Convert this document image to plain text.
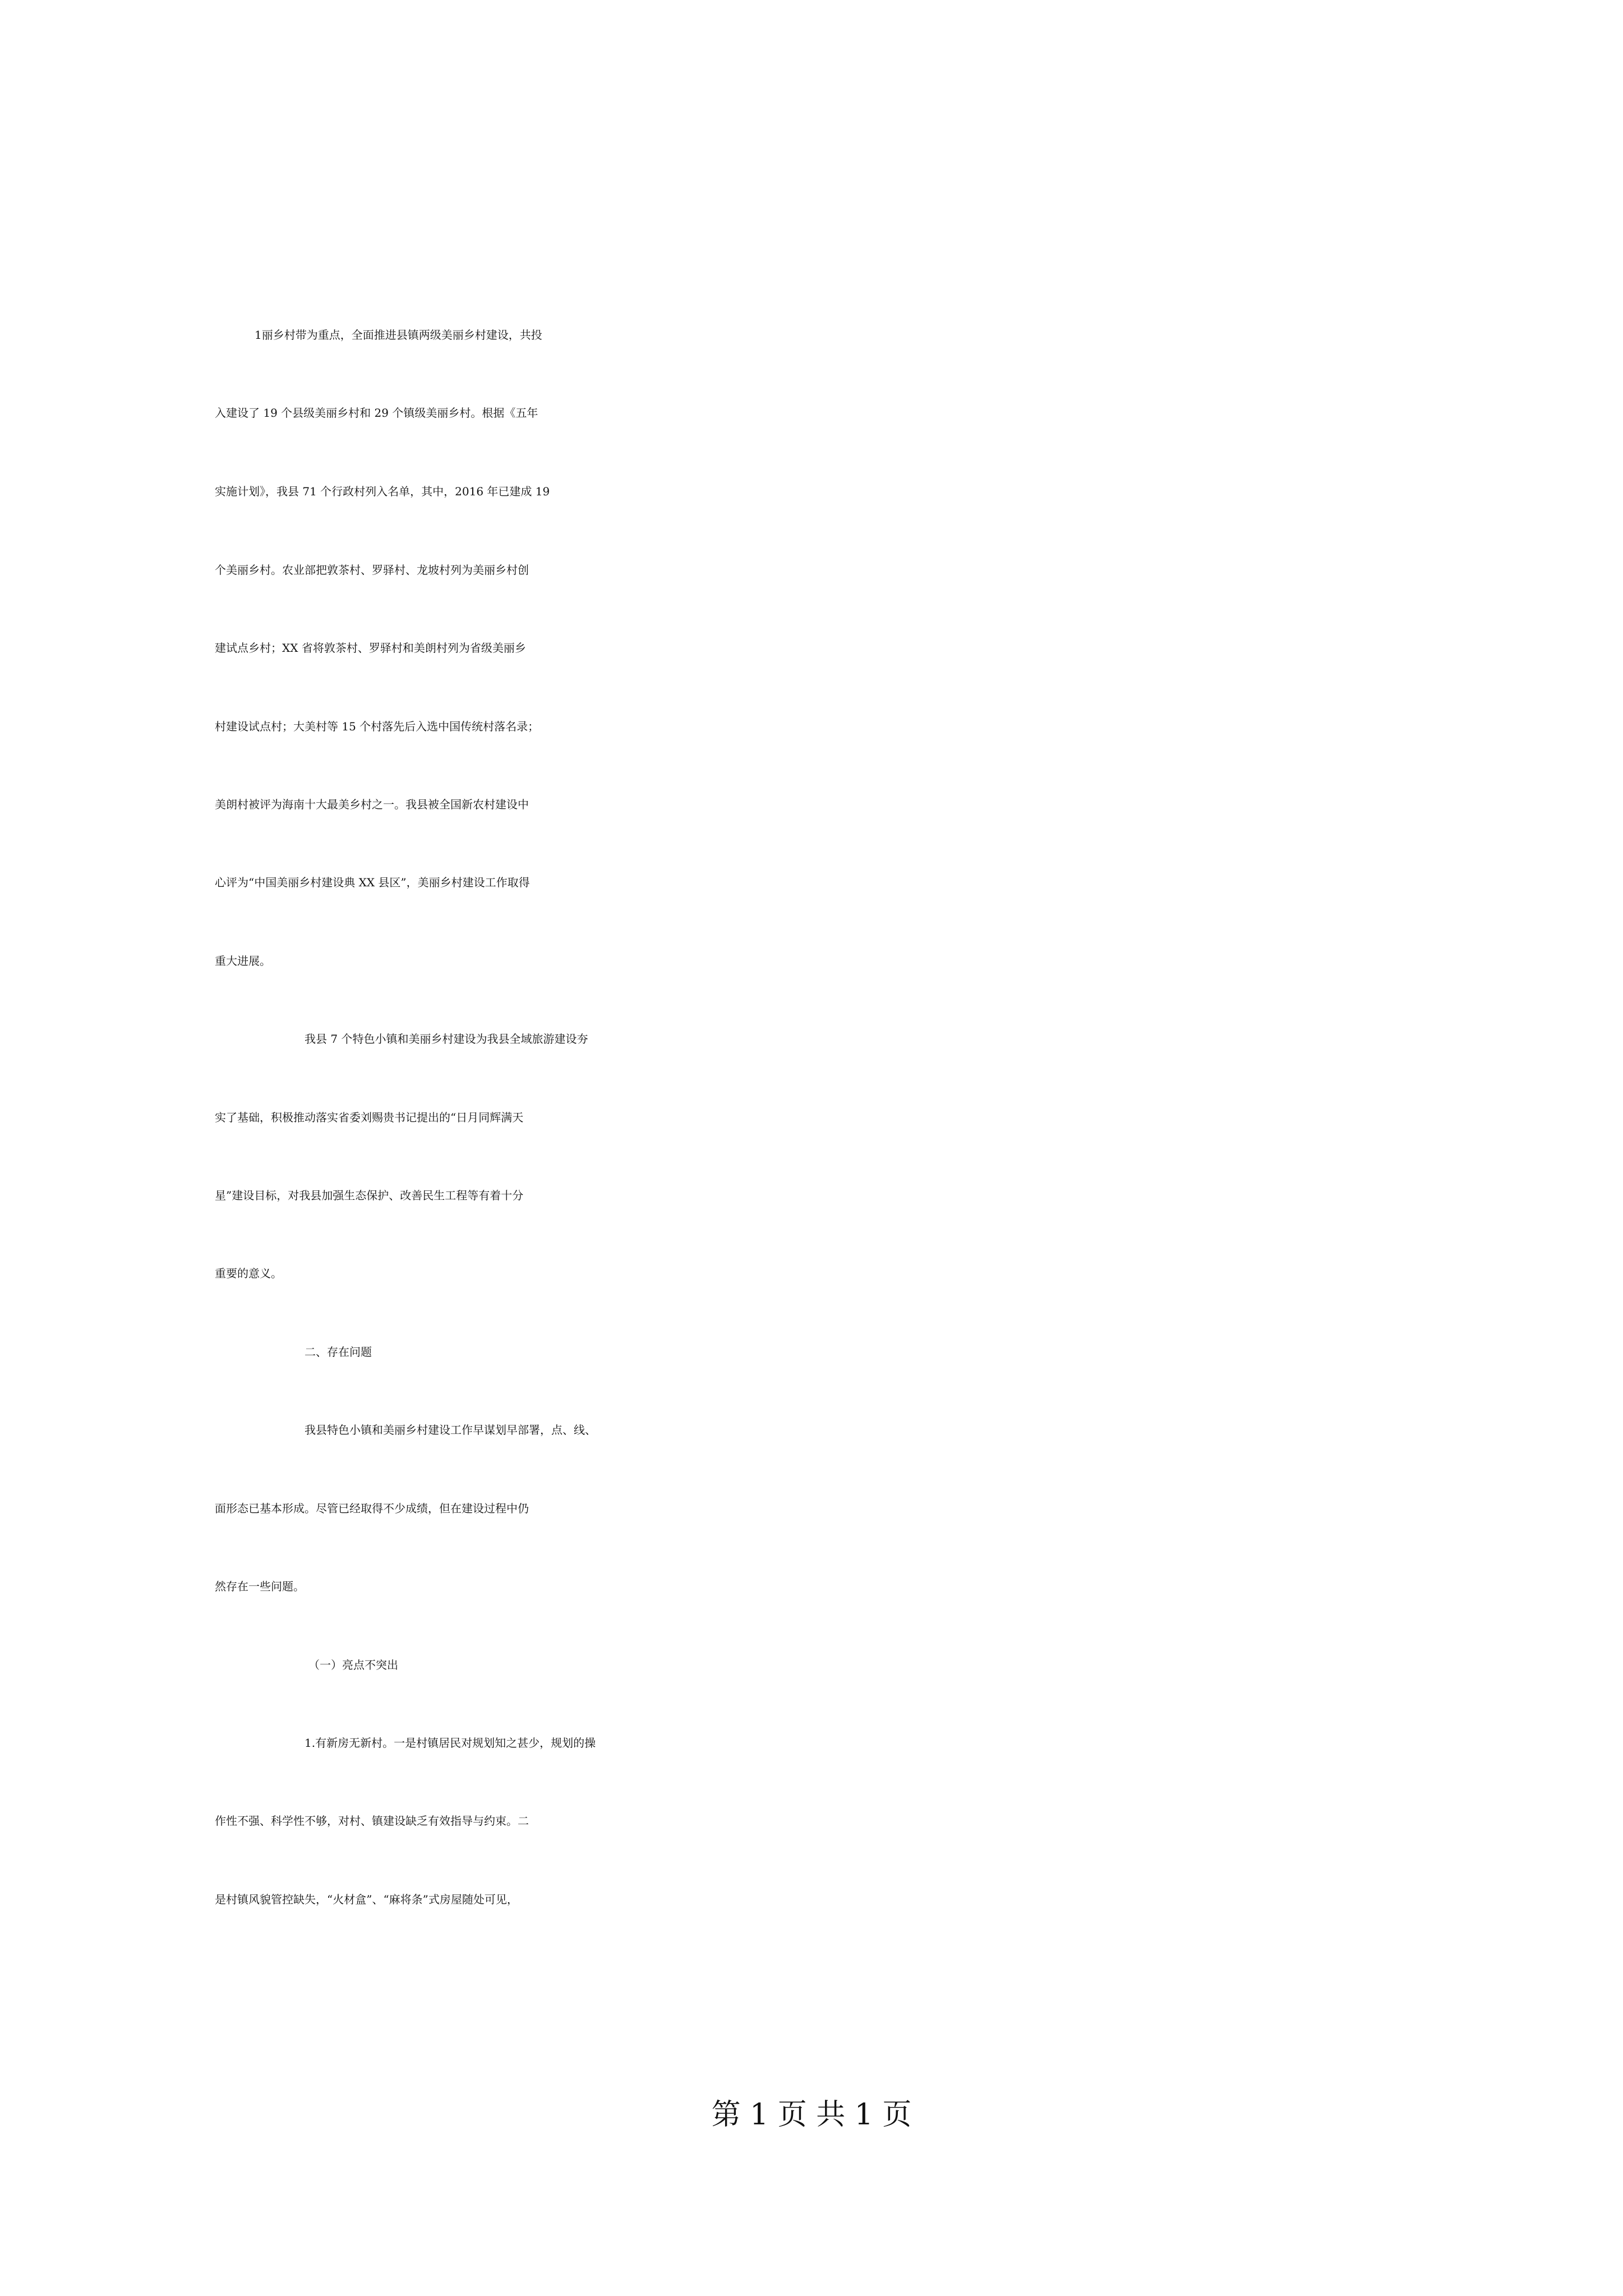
1丽乡村带为重点，全面推进县镇两级美丽乡村建设，共投
入建设了 19 个县级美丽乡村和 29 个镇级美丽乡村。根据《五年
实施计划》，我县 71 个行政村列入名单，其中，2016 年已建成 19
个美丽乡村。农业部把敦茶村、罗驿村、龙坡村列为美丽乡村创
建试点乡村；XX 省将敦茶村、罗驿村和美朗村列为省级美丽乡
村建设试点村；大美村等 15 个村落先后入选中国传统村落名录；
美朗村被评为海南十大最美乡村之一。我县被全国新农村建设中
心评为“中国美丽乡村建设典 XX 县区”，美丽乡村建设工作取得
重大进展。
我县 7 个特色小镇和美丽乡村建设为我县全域旅游建设夯
实了基础，积极推动落实省委刘赐贵书记提出的“日月同辉满天
星”建设目标，对我县加强生态保护、改善民生工程等有着十分
重要的意义。
二、存在问题
我县特色小镇和美丽乡村建设工作早谋划早部署，点、线、
面形态已基本形成。尽管已经取得不少成绩，但在建设过程中仍
然存在一些问题。
（一）亮点不突出
1.有新房无新村。一是村镇居民对规划知之甚少，规划的操
作性不强、科学性不够，对村、镇建设缺乏有效指导与约束。二
是村镇风貌管控缺失，“火材盒”、“麻将条”式房屋随处可见，
第 1 页 共 1 页
